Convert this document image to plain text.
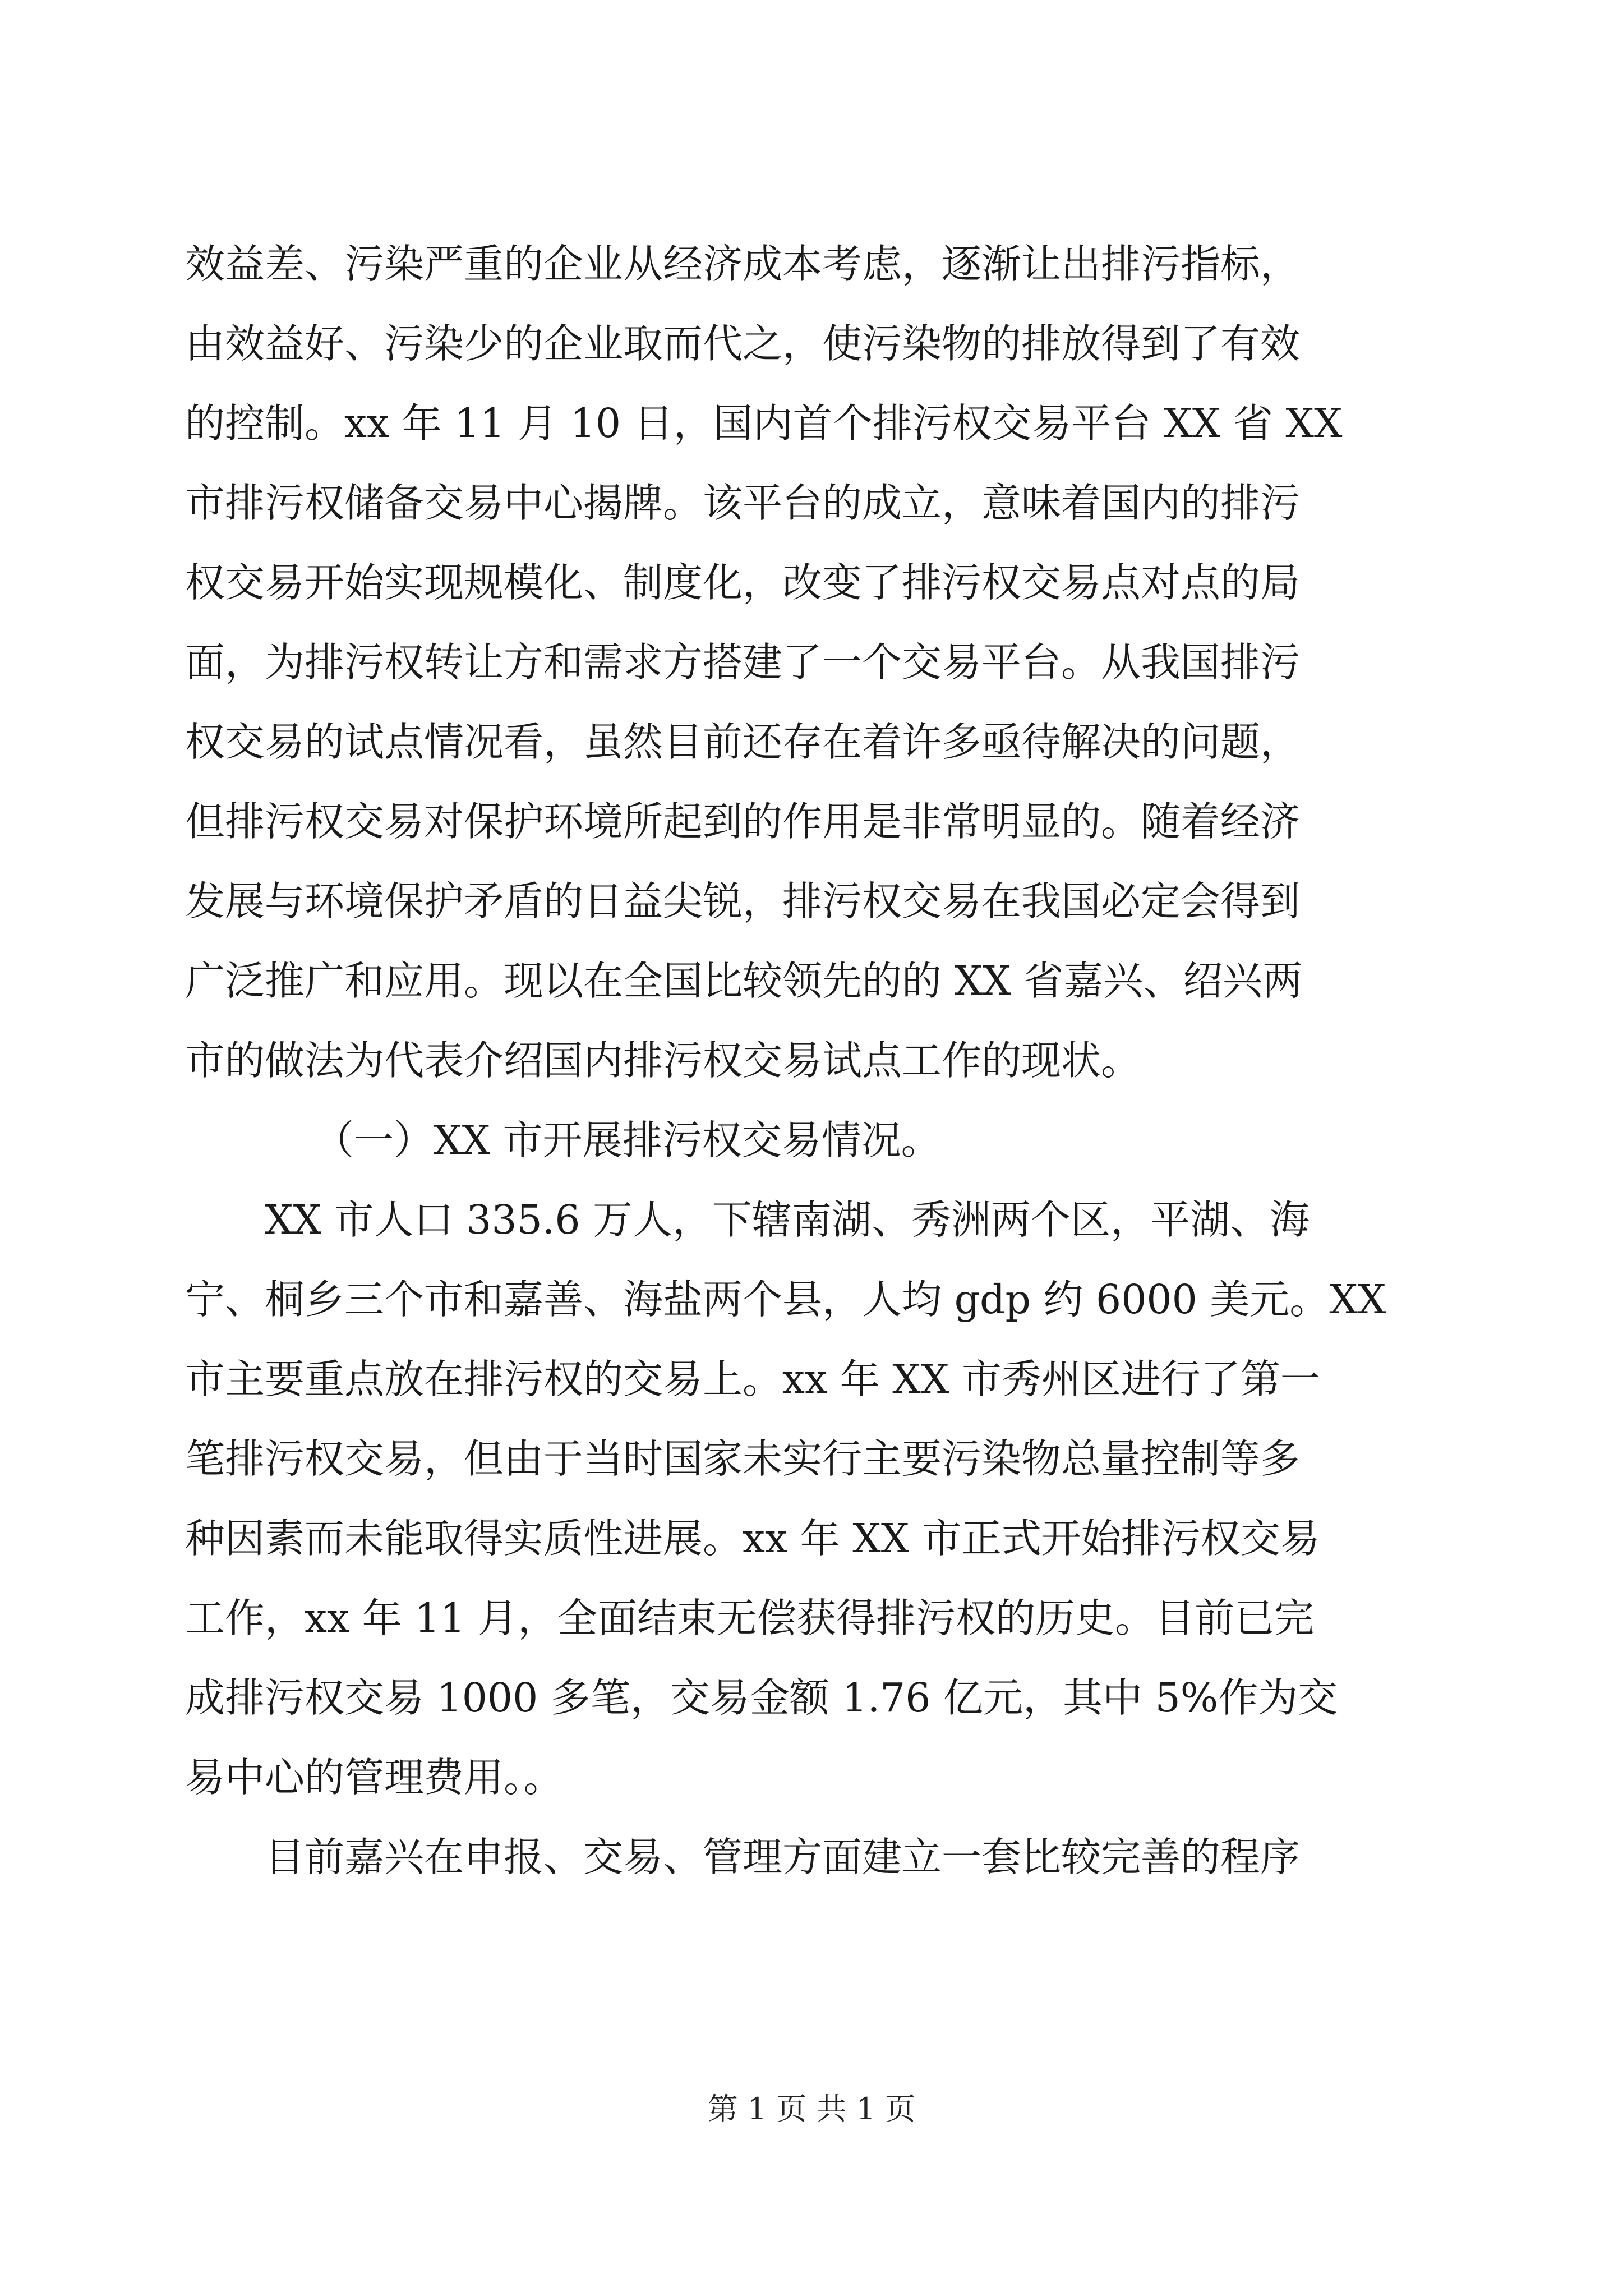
效益差、污染严重的企业从经济成本考虑，逐渐让出排污指标，
由效益好、污染少的企业取而代之，使污染物的排放得到了有效
的控制。xx 年 11 月 10 日，国内首个排污权交易平台 XX 省 XX
市排污权储备交易中心揭牌。该平台的成立，意味着国内的排污
权交易开始实现规模化、制度化，改变了排污权交易点对点的局
面，为排污权转让方和需求方搭建了一个交易平台。从我国排污
权交易的试点情况看，虽然目前还存在着许多亟待解决的问题，
但排污权交易对保护环境所起到的作用是非常明显的。随着经济
发展与环境保护矛盾的日益尖锐，排污权交易在我国必定会得到
广泛推广和应用。现以在全国比较领先的的 XX 省嘉兴、绍兴两
市的做法为代表介绍国内排污权交易试点工作的现状。
（一）XX 市开展排污权交易情况。
XX 市人口 335.6 万人，下辖南湖、秀洲两个区，平湖、海
宁、桐乡三个市和嘉善、海盐两个县，人均 gdp 约 6000 美元。XX
市主要重点放在排污权的交易上。xx 年 XX 市秀州区进行了第一
笔排污权交易，但由于当时国家未实行主要污染物总量控制等多
种因素而未能取得实质性进展。xx 年 XX 市正式开始排污权交易
工作，xx 年 11 月，全面结束无偿获得排污权的历史。目前已完
成排污权交易 1000 多笔，交易金额 1.76 亿元，其中 5%作为交
易中心的管理费用。。
目前嘉兴在申报、交易、管理方面建立一套比较完善的程序
第 1 页 共 1 页
